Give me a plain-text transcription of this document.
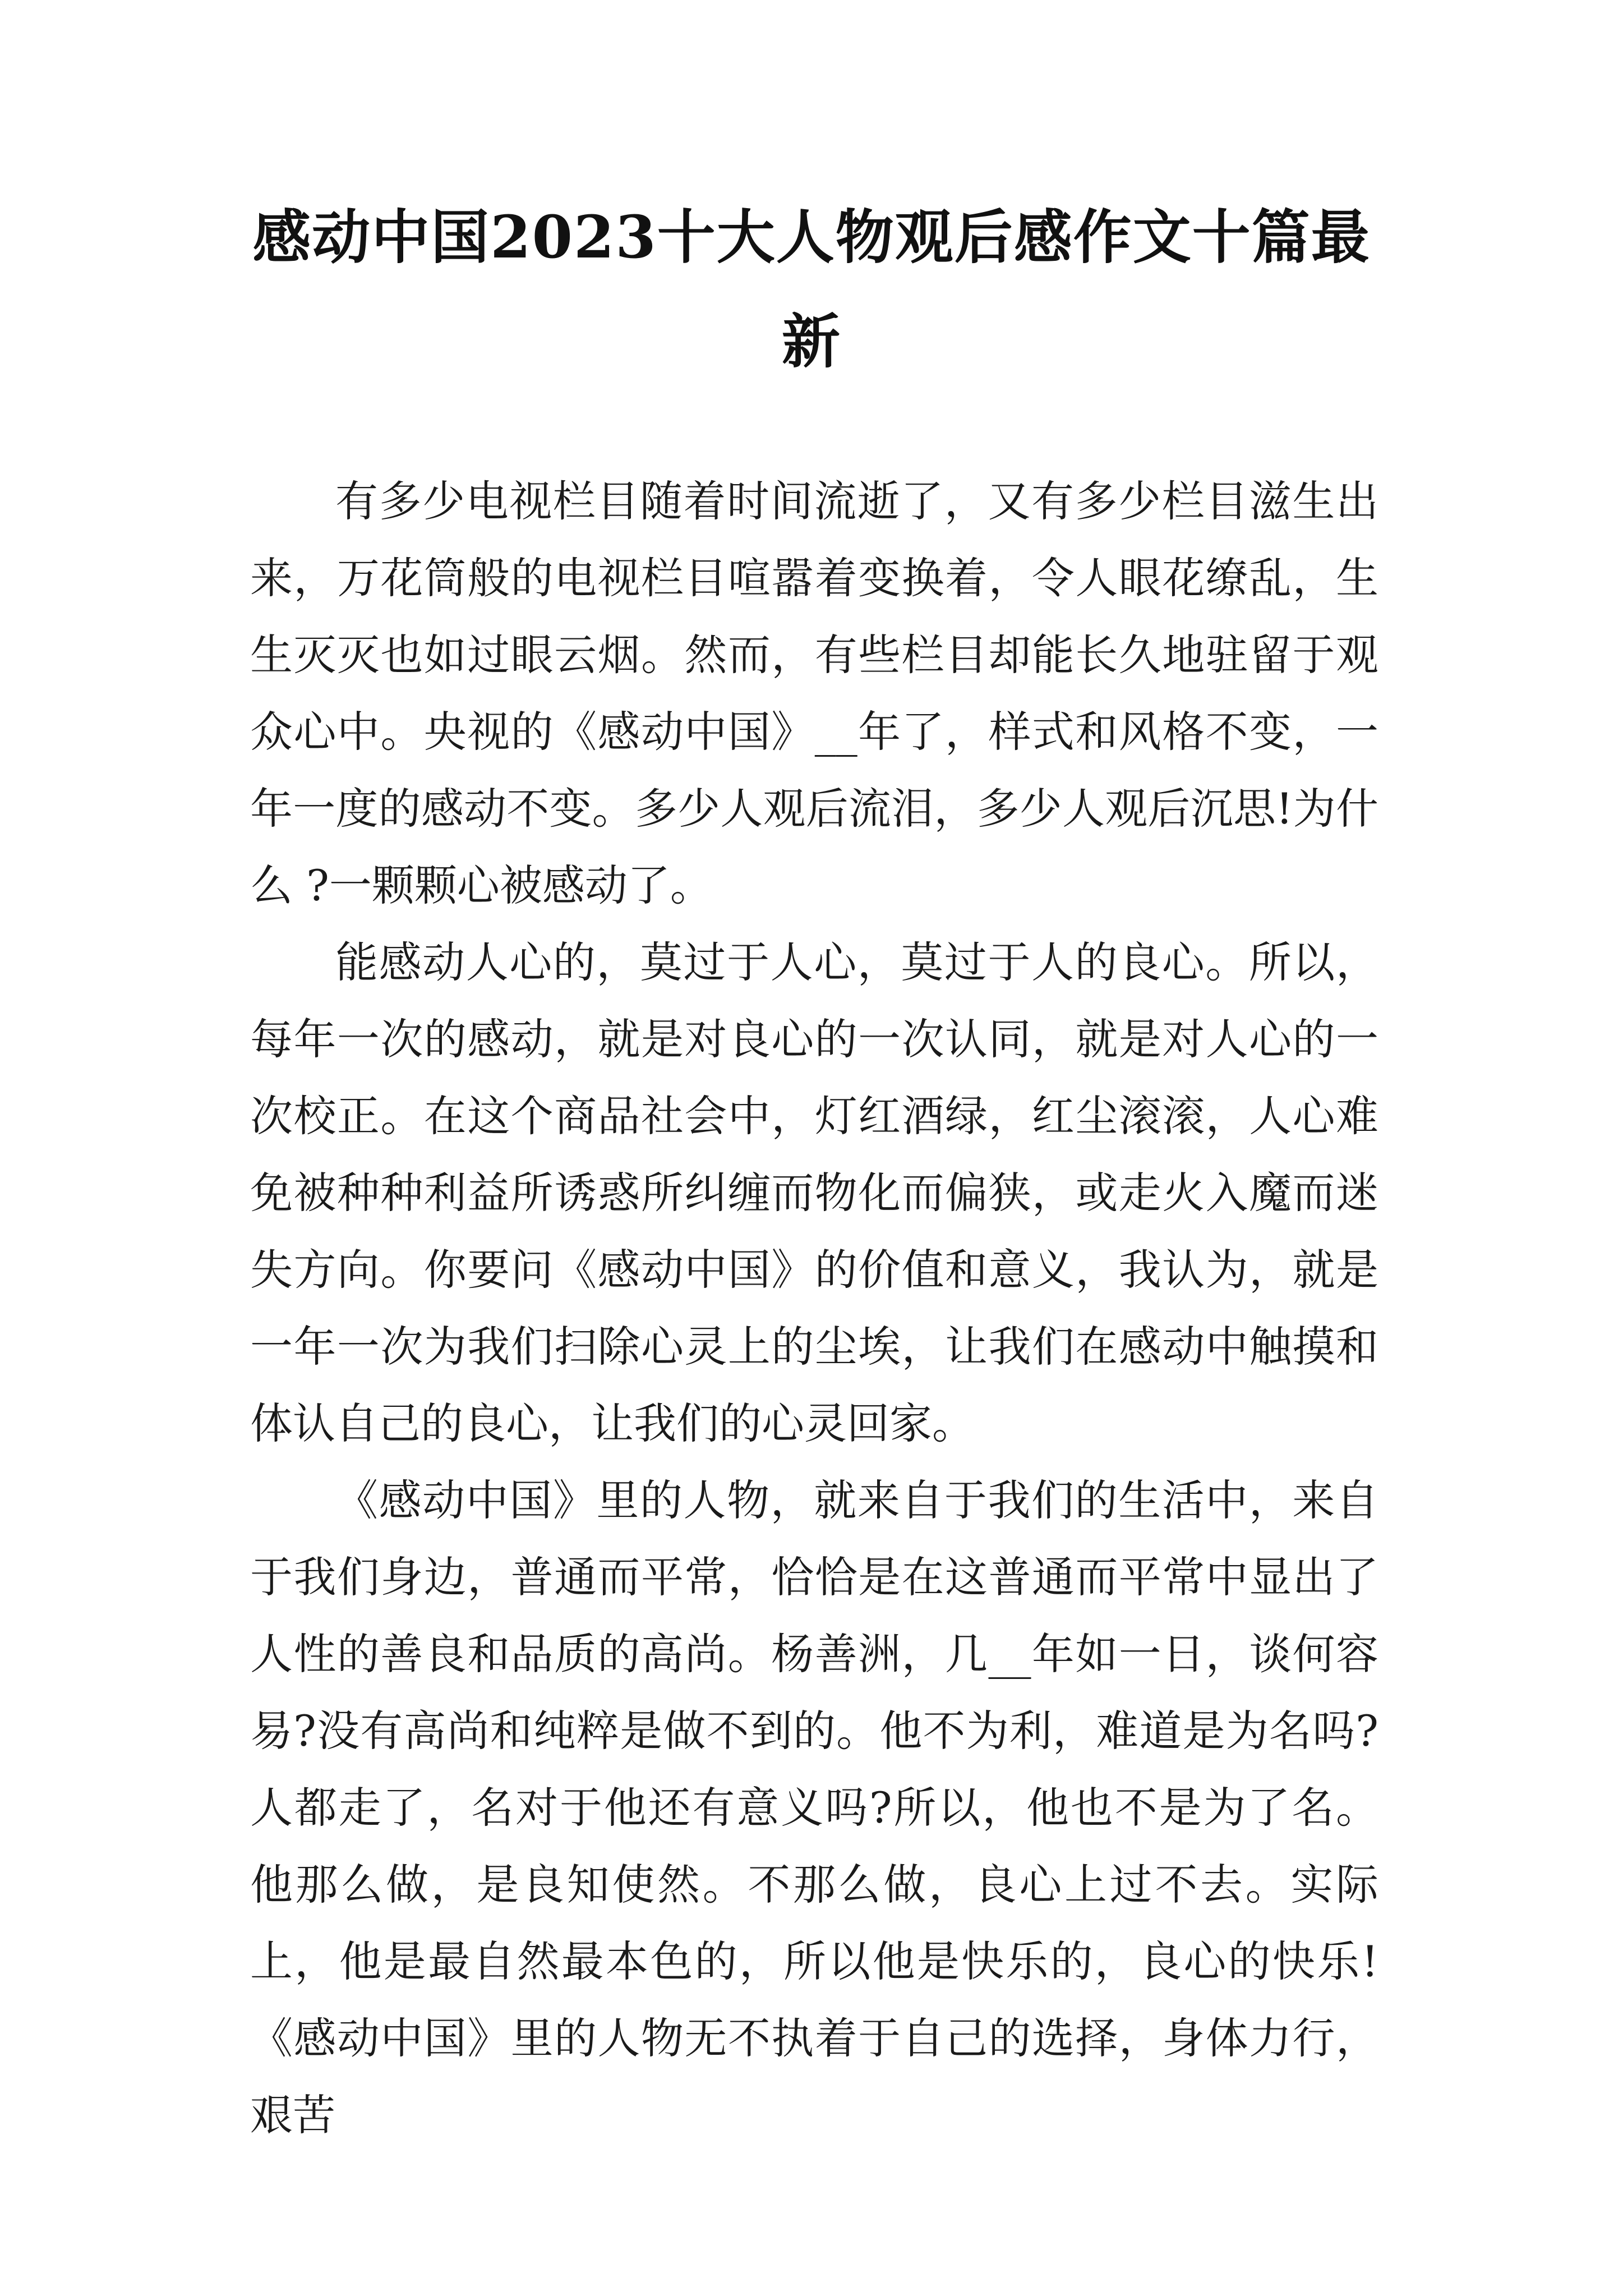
感动中国2023十大人物观后感作文十篇最新

有多少电视栏目随着时间流逝了，又有多少栏目滋生出来，万花筒般的电视栏目喧嚣着变换着，令人眼花缭乱，生生灭灭也如过眼云烟。然而，有些栏目却能长久地驻留于观众心中。央视的《感动中国》__年了，样式和风格不变，一年一度的感动不变。多少人观后流泪，多少人观后沉思!为什么 ?一颗颗心被感动了。

能感动人心的，莫过于人心，莫过于人的良心。所以，每年一次的感动，就是对良心的一次认同，就是对人心的一次校正。在这个商品社会中，灯红酒绿，红尘滚滚，人心难免被种种利益所诱惑所纠缠而物化而偏狭，或走火入魔而迷失方向。你要问《感动中国》的价值和意义，我认为，就是一年一次为我们扫除心灵上的尘埃，让我们在感动中触摸和体认自己的良心，让我们的心灵回家。

《感动中国》里的人物，就来自于我们的生活中，来自于我们身边，普通而平常，恰恰是在这普通而平常中显出了人性的善良和品质的高尚。杨善洲，几__年如一日，谈何容易?没有高尚和纯粹是做不到的。他不为利，难道是为名吗?人都走了，名对于他还有意义吗?所以，他也不是为了名。他那么做，是良知使然。不那么做，良心上过不去。实际上，他是最自然最本色的，所以他是快乐的，良心的快乐!《感动中国》里的人物无不执着于自己的选择，身体力行，艰苦
